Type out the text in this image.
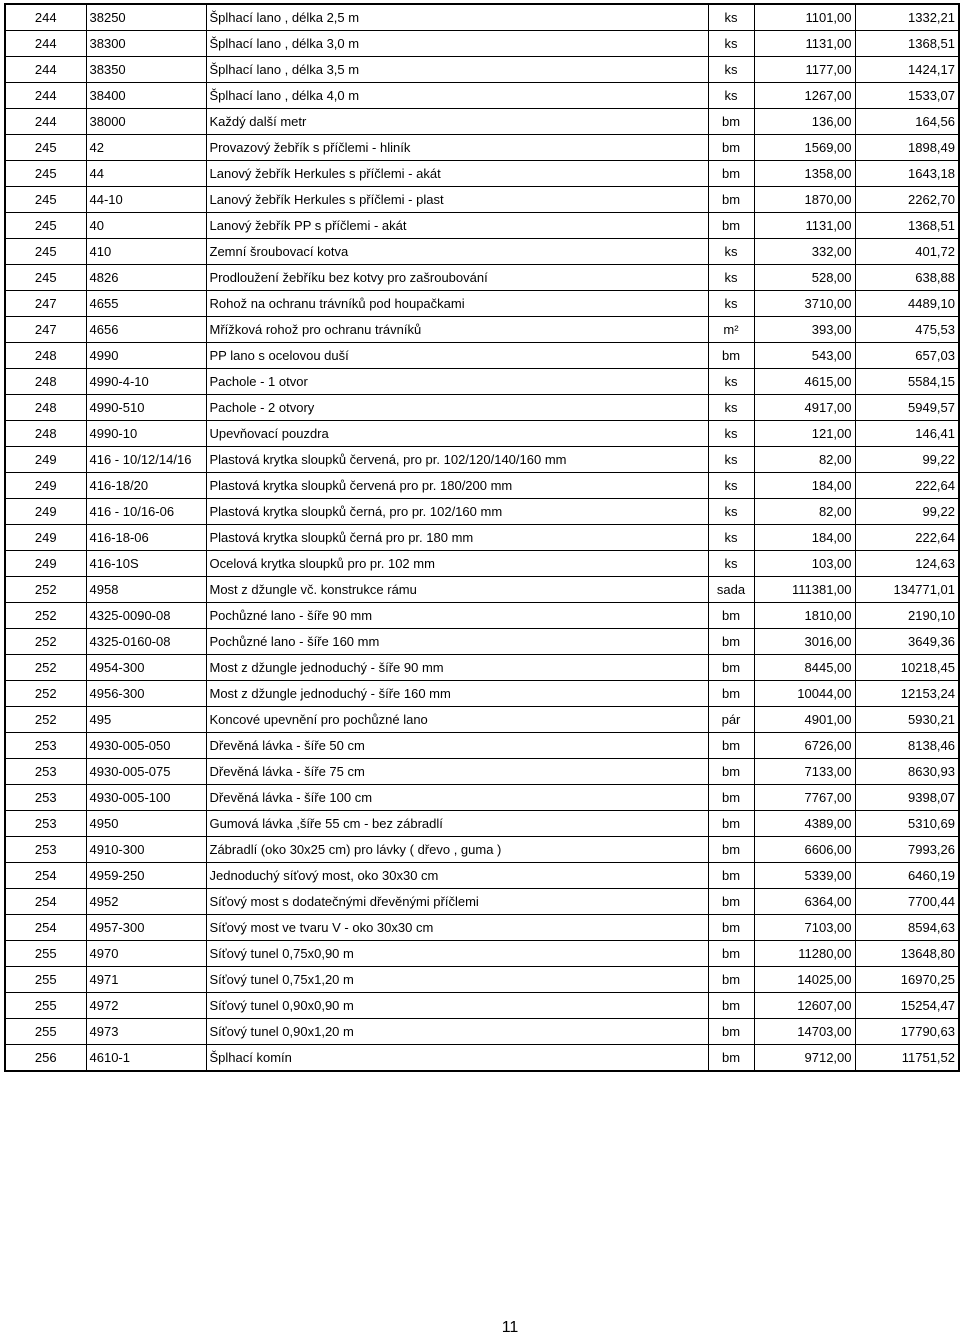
244	38250	Šplhací lano , délka 2,5 m	ks	1101,00	1332,21
244	38300	Šplhací lano , délka 3,0 m	ks	1131,00	1368,51
244	38350	Šplhací lano , délka 3,5 m	ks	1177,00	1424,17
244	38400	Šplhací lano , délka 4,0 m	ks	1267,00	1533,07
244	38000	Každý další metr	bm	136,00	164,56
245	42	Provazový žebřík s příčlemi - hliník	bm	1569,00	1898,49
245	44	Lanový žebřík Herkules s příčlemi - akát	bm	1358,00	1643,18
245	44-10	Lanový žebřík Herkules s příčlemi - plast	bm	1870,00	2262,70
245	40	Lanový žebřík PP s příčlemi - akát	bm	1131,00	1368,51
245	410	Zemní šroubovací kotva	ks	332,00	401,72
245	4826	Prodloužení žebříku bez kotvy pro zašroubování	ks	528,00	638,88
247	4655	Rohož na ochranu trávníků pod houpačkami	ks	3710,00	4489,10
247	4656	Mřížková rohož pro ochranu trávníků	m²	393,00	475,53
248	4990	PP lano s ocelovou duší	bm	543,00	657,03
248	4990-4-10	Pachole - 1 otvor	ks	4615,00	5584,15
248	4990-510	Pachole - 2 otvory	ks	4917,00	5949,57
248	4990-10	Upevňovací pouzdra	ks	121,00	146,41
249	416 - 10/12/14/16	Plastová krytka sloupků červená, pro pr. 102/120/140/160 mm	ks	82,00	99,22
249	416-18/20	Plastová krytka sloupků červená pro pr. 180/200 mm	ks	184,00	222,64
249	416 - 10/16-06	Plastová krytka sloupků černá, pro pr. 102/160 mm	ks	82,00	99,22
249	416-18-06	Plastová krytka sloupků černá pro pr. 180 mm	ks	184,00	222,64
249	416-10S	Ocelová krytka sloupků pro pr. 102 mm	ks	103,00	124,63
252	4958	Most z džungle vč. konstrukce rámu	sada	111381,00	134771,01
252	4325-0090-08	Pochůzné lano - šíře 90 mm	bm	1810,00	2190,10
252	4325-0160-08	Pochůzné lano - šíře 160 mm	bm	3016,00	3649,36
252	4954-300	Most z džungle jednoduchý - šíře 90 mm	bm	8445,00	10218,45
252	4956-300	Most z džungle jednoduchý - šíře 160 mm	bm	10044,00	12153,24
252	495	Koncové upevnění pro pochůzné lano	pár	4901,00	5930,21
253	4930-005-050	Dřevěná lávka - šíře 50 cm	bm	6726,00	8138,46
253	4930-005-075	Dřevěná lávka - šíře 75 cm	bm	7133,00	8630,93
253	4930-005-100	Dřevěná lávka - šíře 100 cm	bm	7767,00	9398,07
253	4950	Gumová lávka ,šíře 55 cm - bez zábradlí	bm	4389,00	5310,69
253	4910-300	Zábradlí (oko 30x25 cm) pro lávky ( dřevo , guma )	bm	6606,00	7993,26
254	4959-250	Jednoduchý síťový most, oko 30x30 cm	bm	5339,00	6460,19
254	4952	Síťový most s dodatečnými dřevěnými příčlemi	bm	6364,00	7700,44
254	4957-300	Síťový most ve tvaru V - oko 30x30 cm	bm	7103,00	8594,63
255	4970	Síťový tunel 0,75x0,90 m	bm	11280,00	13648,80
255	4971	Síťový tunel 0,75x1,20 m	bm	14025,00	16970,25
255	4972	Síťový tunel 0,90x0,90 m	bm	12607,00	15254,47
255	4973	Síťový tunel 0,90x1,20 m	bm	14703,00	17790,63
256	4610-1	Šplhací komín	bm	9712,00	11751,52
11
